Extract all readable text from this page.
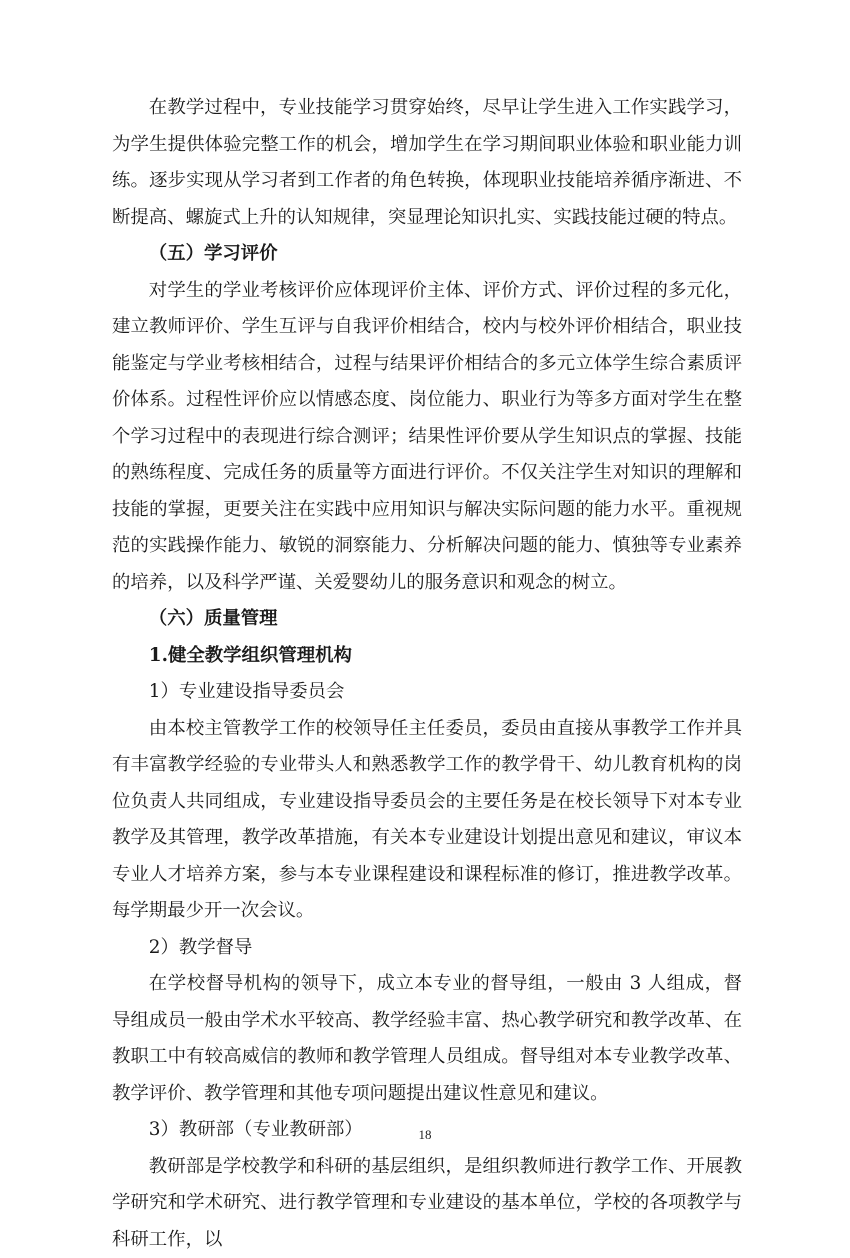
在教学过程中，专业技能学习贯穿始终，尽早让学生进入工作实践学习，为学生提供体验完整工作的机会，增加学生在学习期间职业体验和职业能力训练。逐步实现从学习者到工作者的角色转换，体现职业技能培养循序渐进、不断提高、螺旋式上升的认知规律，突显理论知识扎实、实践技能过硬的特点。

（五）学习评价

对学生的学业考核评价应体现评价主体、评价方式、评价过程的多元化，建立教师评价、学生互评与自我评价相结合，校内与校外评价相结合，职业技能鉴定与学业考核相结合，过程与结果评价相结合的多元立体学生综合素质评价体系。过程性评价应以情感态度、岗位能力、职业行为等多方面对学生在整个学习过程中的表现进行综合测评；结果性评价要从学生知识点的掌握、技能的熟练程度、完成任务的质量等方面进行评价。不仅关注学生对知识的理解和技能的掌握，更要关注在实践中应用知识与解决实际问题的能力水平。重视规范的实践操作能力、敏锐的洞察能力、分析解决问题的能力、慎独等专业素养的培养，以及科学严谨、关爱婴幼儿的服务意识和观念的树立。

（六）质量管理

1.健全教学组织管理机构

1）专业建设指导委员会

由本校主管教学工作的校领导任主任委员，委员由直接从事教学工作并具有丰富教学经验的专业带头人和熟悉教学工作的教学骨干、幼儿教育机构的岗位负责人共同组成，专业建设指导委员会的主要任务是在校长领导下对本专业教学及其管理，教学改革措施，有关本专业建设计划提出意见和建议，审议本专业人才培养方案，参与本专业课程建设和课程标准的修订，推进教学改革。每学期最少开一次会议。

2）教学督导

在学校督导机构的领导下，成立本专业的督导组，一般由 3 人组成，督导组成员一般由学术水平较高、教学经验丰富、热心教学研究和教学改革、在教职工中有较高威信的教师和教学管理人员组成。督导组对本专业教学改革、教学评价、教学管理和其他专项问题提出建议性意见和建议。

3）教研部（专业教研部）

教研部是学校教学和科研的基层组织，是组织教师进行教学工作、开展教学研究和学术研究、进行教学管理和专业建设的基本单位，学校的各项教学与科研工作，以

18
